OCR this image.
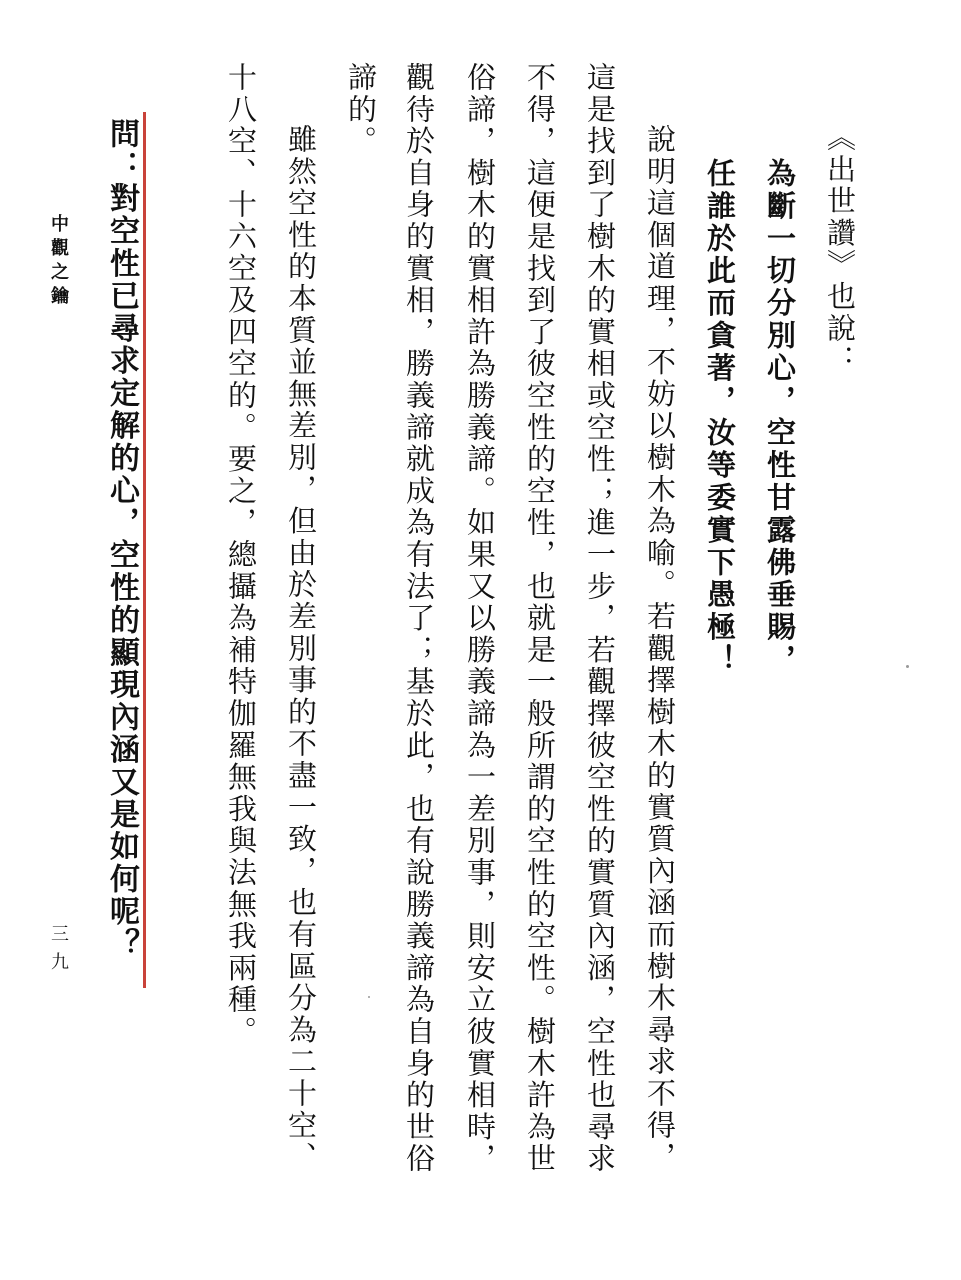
《出世讚》也說：
為斷一切分別心，空性甘露佛垂賜，
任誰於此而貪著，汝等委實下愚極！
說明這個道理，不妨以樹木為喻。若觀擇樹木的實質內涵而樹木尋求不得，
這是找到了樹木的實相或空性；進一步，若觀擇彼空性的實質內涵，空性也尋求
不得，這便是找到了彼空性的空性，也就是一般所謂的空性的空性。樹木許為世
俗諦，樹木的實相許為勝義諦。如果又以勝義諦為一差別事，則安立彼實相時，
觀待於自身的實相，勝義諦就成為有法了；基於此，也有說勝義諦為自身的世俗
諦的。
雖然空性的本質並無差別，但由於差別事的不盡一致，也有區分為二十空、
十八空、十六空及四空的。要之，總攝為補特伽羅無我與法無我兩種。
問：對空性已尋求定解的心，空性的顯現內涵又是如何呢？
中觀之鑰
三九
